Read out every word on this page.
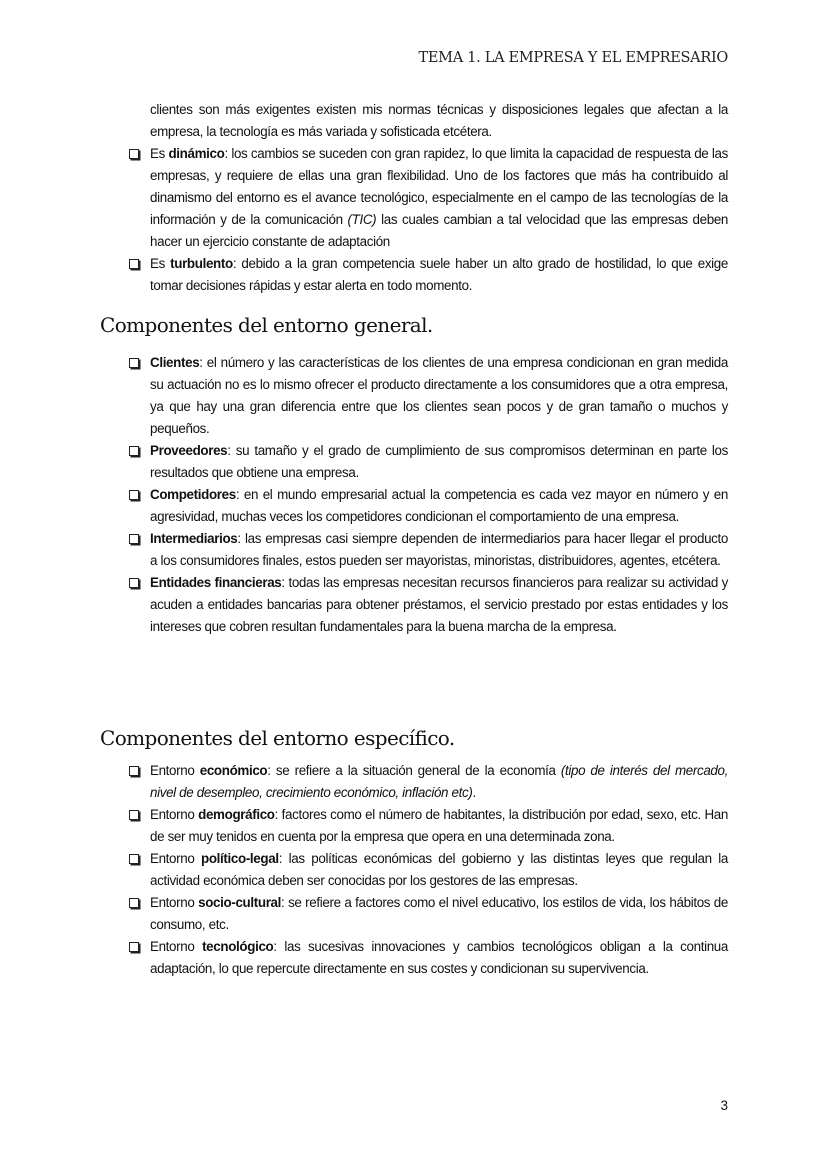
TEMA 1. LA EMPRESA Y EL EMPRESARIO
clientes son más exigentes existen mis normas técnicas y disposiciones legales que afectan a la empresa, la tecnología es más variada y sofisticada etcétera.
Es dinámico: los cambios se suceden con gran rapidez, lo que limita la capacidad de respuesta de las empresas, y requiere de ellas una gran flexibilidad. Uno de los factores que más ha contribuido al dinamismo del entorno es el avance tecnológico, especialmente en el campo de las tecnologías de la información y de la comunicación (TIC) las cuales cambian a tal velocidad que las empresas deben hacer un ejercicio constante de adaptación
Es turbulento: debido a la gran competencia suele haber un alto grado de hostilidad, lo que exige tomar decisiones rápidas y estar alerta en todo momento.
Componentes del entorno general.
Clientes: el número y las características de los clientes de una empresa condicionan en gran medida su actuación no es lo mismo ofrecer el producto directamente a los consumidores que a otra empresa, ya que hay una gran diferencia entre que los clientes sean pocos y de gran tamaño o muchos y pequeños.
Proveedores: su tamaño y el grado de cumplimiento de sus compromisos determinan en parte los resultados que obtiene una empresa.
Competidores: en el mundo empresarial actual la competencia es cada vez mayor en número y en agresividad, muchas veces los competidores condicionan el comportamiento de una empresa.
Intermediarios: las empresas casi siempre dependen de intermediarios para hacer llegar el producto a los consumidores finales, estos pueden ser mayoristas, minoristas, distribuidores, agentes, etcétera.
Entidades financieras: todas las empresas necesitan recursos financieros para realizar su actividad y acuden a entidades bancarias para obtener préstamos, el servicio prestado por estas entidades y los intereses que cobren resultan fundamentales para la buena marcha de la empresa.
Componentes del entorno específico.
Entorno económico: se refiere a la situación general de la economía (tipo de interés del mercado, nivel de desempleo, crecimiento económico, inflación etc).
Entorno demográfico: factores como el número de habitantes, la distribución por edad, sexo, etc. Han de ser muy tenidos en cuenta por la empresa que opera en una determinada zona.
Entorno político-legal: las políticas económicas del gobierno y las distintas leyes que regulan la actividad económica deben ser conocidas por los gestores de las empresas.
Entorno socio-cultural: se refiere a factores como el nivel educativo, los estilos de vida, los hábitos de consumo, etc.
Entorno tecnológico: las sucesivas innovaciones y cambios tecnológicos obligan a la continua adaptación, lo que repercute directamente en sus costes y condicionan su supervivencia.
3
